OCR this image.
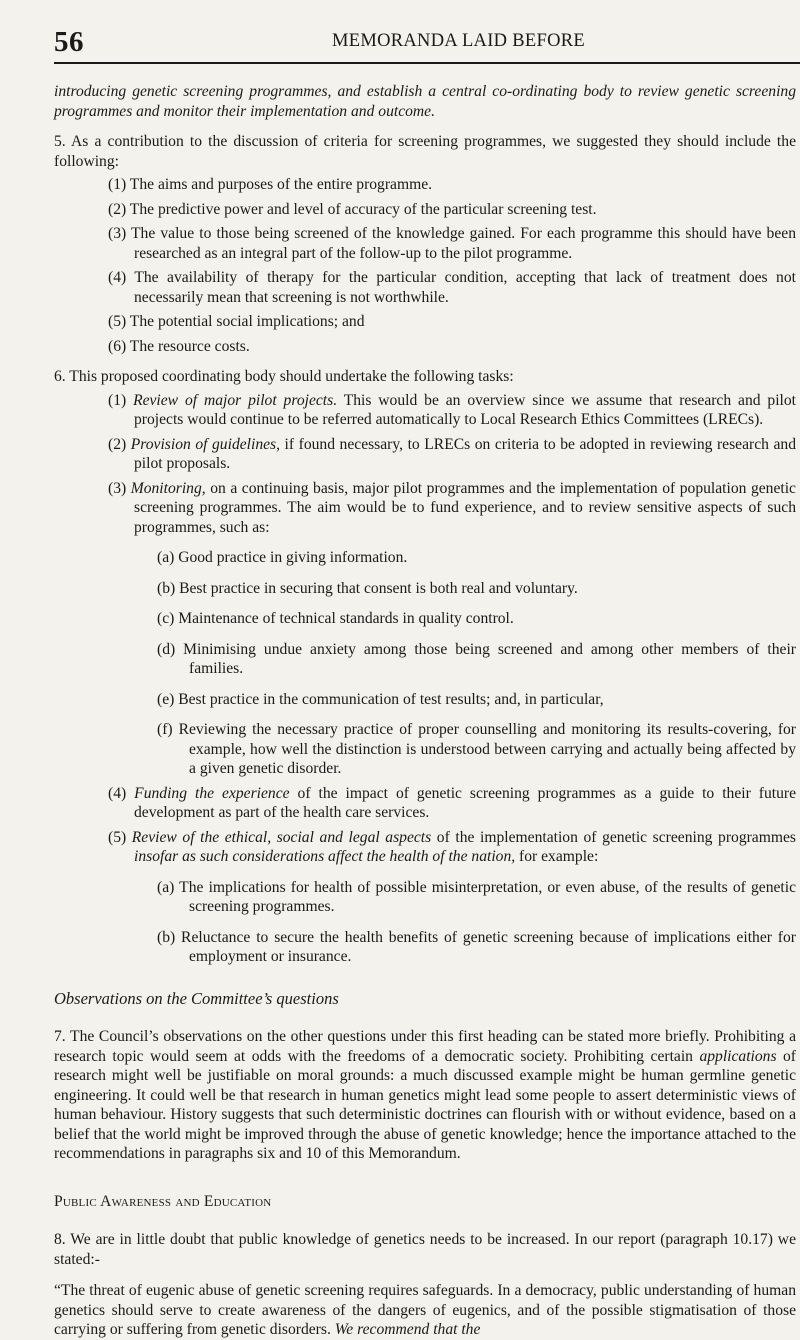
56	MEMORANDA LAID BEFORE

introducing genetic screening programmes, and establish a central co-ordinating body to review genetic screening programmes and monitor their implementation and outcome.

5. As a contribution to the discussion of criteria for screening programmes, we suggested they should include the following:

(1) The aims and purposes of the entire programme.

(2) The predictive power and level of accuracy of the particular screening test.

(3) The value to those being screened of the knowledge gained. For each programme this should have been researched as an integral part of the follow-up to the pilot programme.

(4) The availability of therapy for the particular condition, accepting that lack of treatment does not necessarily mean that screening is not worthwhile.

(5) The potential social implications; and

(6) The resource costs.

6. This proposed coordinating body should undertake the following tasks:

(1) Review of major pilot projects. This would be an overview since we assume that research and pilot projects would continue to be referred automatically to Local Research Ethics Committees (LRECs).

(2) Provision of guidelines, if found necessary, to LRECs on criteria to be adopted in reviewing research and pilot proposals.

(3) Monitoring, on a continuing basis, major pilot programmes and the implementation of population genetic screening programmes. The aim would be to fund experience, and to review sensitive aspects of such programmes, such as:

(a) Good practice in giving information.

(b) Best practice in securing that consent is both real and voluntary.

(c) Maintenance of technical standards in quality control.

(d) Minimising undue anxiety among those being screened and among other members of their families.

(e) Best practice in the communication of test results; and, in particular,

(f) Reviewing the necessary practice of proper counselling and monitoring its results-covering, for example, how well the distinction is understood between carrying and actually being affected by a given genetic disorder.

(4) Funding the experience of the impact of genetic screening programmes as a guide to their future development as part of the health care services.

(5) Review of the ethical, social and legal aspects of the implementation of genetic screening programmes insofar as such considerations affect the health of the nation, for example:

(a) The implications for health of possible misinterpretation, or even abuse, of the results of genetic screening programmes.

(b) Reluctance to secure the health benefits of genetic screening because of implications either for employment or insurance.

Observations on the Committee’s questions

7. The Council’s observations on the other questions under this first heading can be stated more briefly. Prohibiting a research topic would seem at odds with the freedoms of a democratic society. Prohibiting certain applications of research might well be justifiable on moral grounds: a much discussed example might be human germline genetic engineering. It could well be that research in human genetics might lead some people to assert deterministic views of human behaviour. History suggests that such deterministic doctrines can flourish with or without evidence, based on a belief that the world might be improved through the abuse of genetic knowledge; hence the importance attached to the recommendations in paragraphs six and 10 of this Memorandum.

Public Awareness and Education

8. We are in little doubt that public knowledge of genetics needs to be increased. In our report (paragraph 10.17) we stated:-

“The threat of eugenic abuse of genetic screening requires safeguards. In a democracy, public understanding of human genetics should serve to create awareness of the dangers of eugenics, and of the possible stigmatisation of those carrying or suffering from genetic disorders. We recommend that the
